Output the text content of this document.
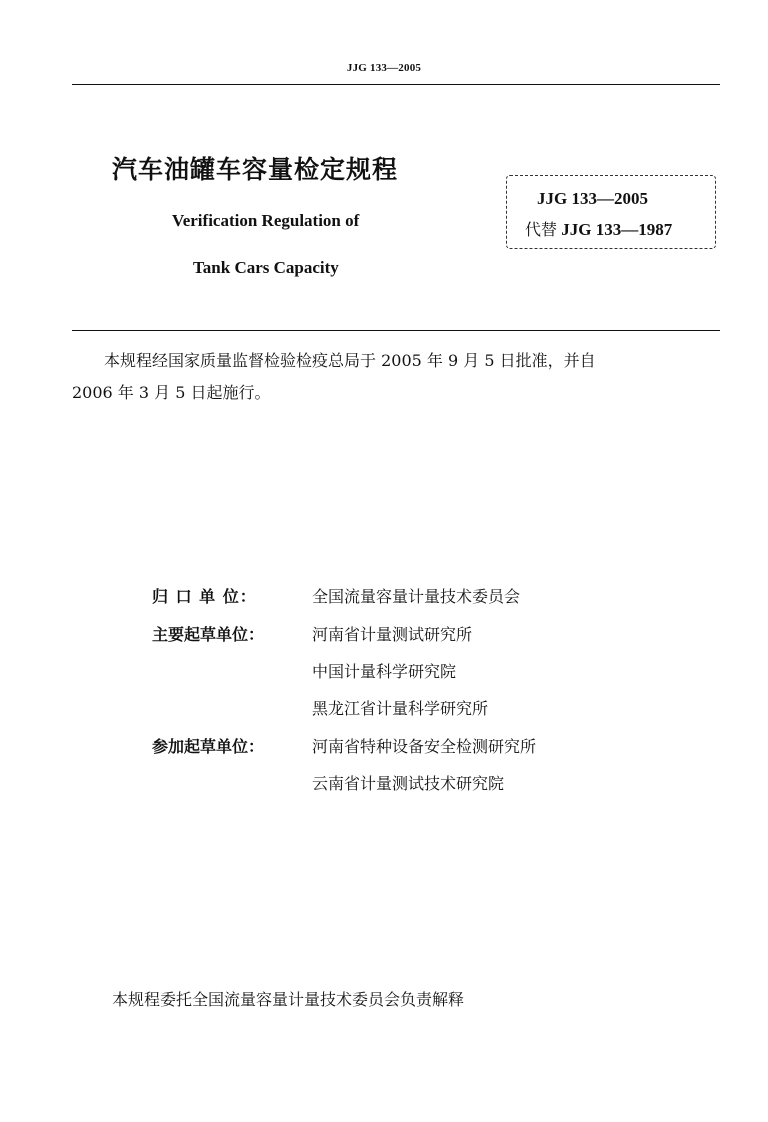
JJG 133—2005
汽车油罐车容量检定规程
Verification Regulation of
Tank Cars Capacity
JJG 133—2005
代替 JJG 133—1987
本规程经国家质量监督检验检疫总局于 2005 年 9 月 5 日批准，并自
2006 年 3 月 5 日起施行。
归 口 单 位：	全国流量容量计量技术委员会
主要起草单位：	河南省计量测试研究所
中国计量科学研究院
黑龙江省计量科学研究所
参加起草单位：	河南省特种设备安全检测研究所
云南省计量测试技术研究院
本规程委托全国流量容量计量技术委员会负责解释
